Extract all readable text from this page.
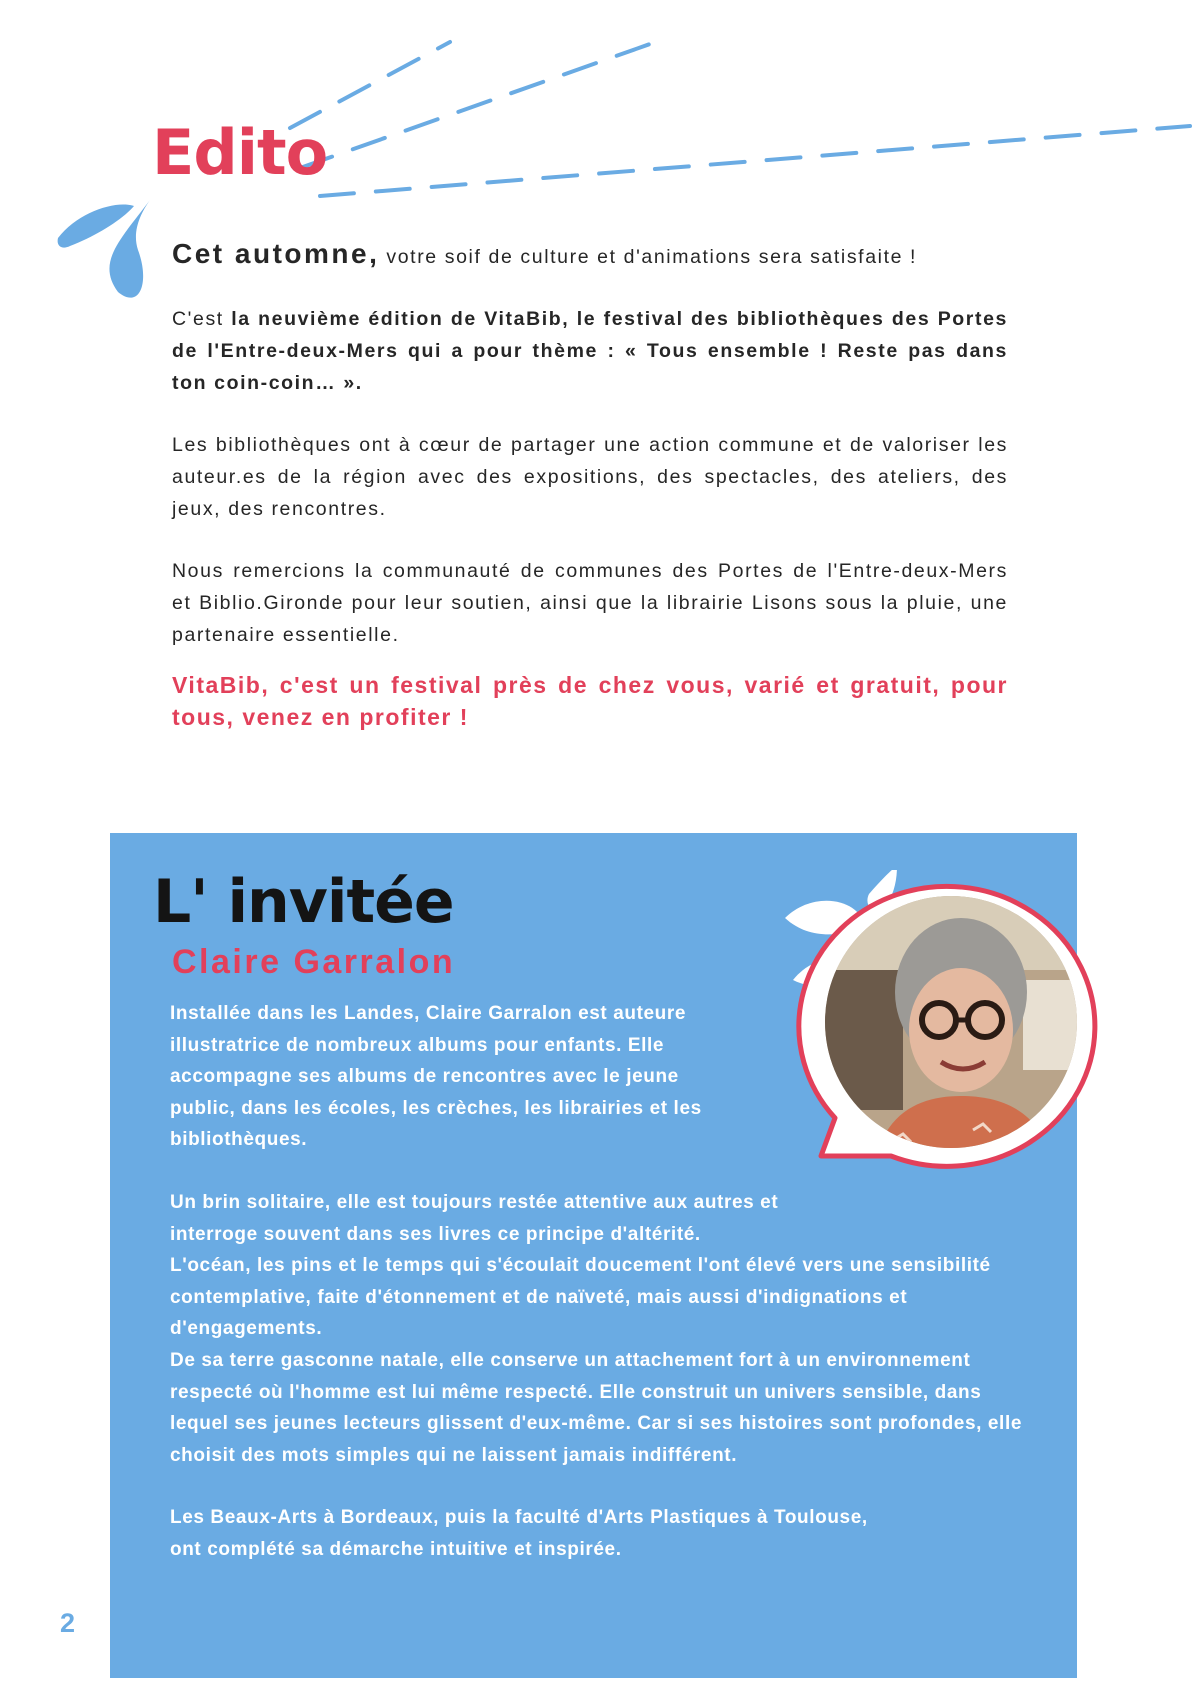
Edito

Cet automne, votre soif de culture et d'animations sera satisfaite !

C'est la neuvième édition de VitaBib, le festival des bibliothèques des Portes de l'Entre-deux-Mers qui a pour thème : « Tous ensemble ! Reste pas dans ton coin-coin… ».

Les bibliothèques ont à cœur de partager une action commune et de valoriser les auteur.es de la région avec des expositions, des spectacles, des ateliers, des jeux, des rencontres.

Nous remercions la communauté de communes des Portes de l'Entre-deux-Mers et Biblio.Gironde pour leur soutien, ainsi que la librairie Lisons sous la pluie, une partenaire essentielle.

VitaBib, c'est un festival près de chez vous, varié et gratuit, pour tous, venez en profiter !

L' invitée
Claire Garralon

Installée dans les Landes, Claire Garralon est auteure illustratrice de nombreux albums pour enfants. Elle accompagne ses albums de rencontres avec le jeune public, dans les écoles, les crèches, les librairies et les bibliothèques.

Un brin solitaire, elle est toujours restée attentive aux autres et interroge souvent dans ses livres ce principe d'altérité.
L'océan, les pins et le temps qui s'écoulait doucement l'ont élevé vers une sensibilité contemplative, faite d'étonnement et de naïveté, mais aussi d'indignations et d'engagements.
De sa terre gasconne natale, elle conserve un attachement fort à un environnement respecté où l'homme est lui même respecté. Elle construit un univers sensible, dans lequel ses jeunes lecteurs glissent d'eux-même. Car si ses histoires sont profondes, elle choisit des mots simples qui ne laissent jamais indifférent.

Les Beaux-Arts à Bordeaux, puis la faculté d'Arts Plastiques à Toulouse, ont complété sa démarche intuitive et inspirée.

2
